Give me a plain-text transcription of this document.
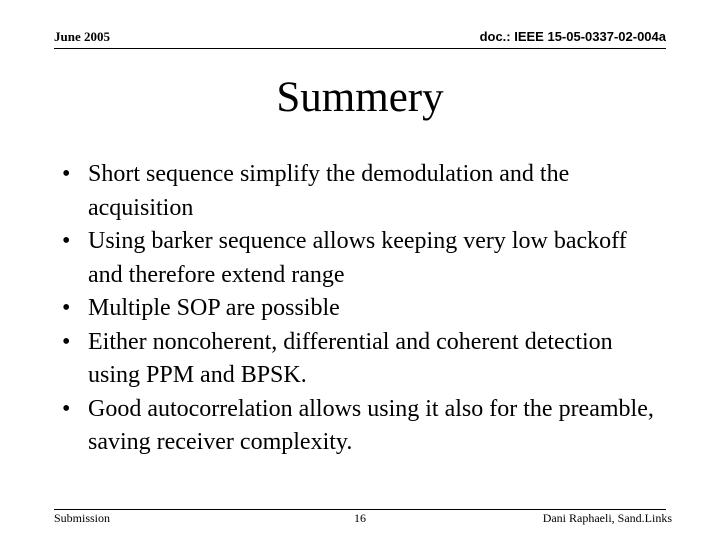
June 2005	doc.: IEEE 15-05-0337-02-004a
Summery
• Short sequence simplify the demodulation and the acquisition
• Using barker sequence allows keeping very low backoff and therefore extend range
• Multiple SOP are possible
• Either noncoherent, differential and coherent detection using PPM and BPSK.
• Good autocorrelation allows using it also for the preamble, saving receiver complexity.
Submission	16	Dani Raphaeli, Sand.Links
